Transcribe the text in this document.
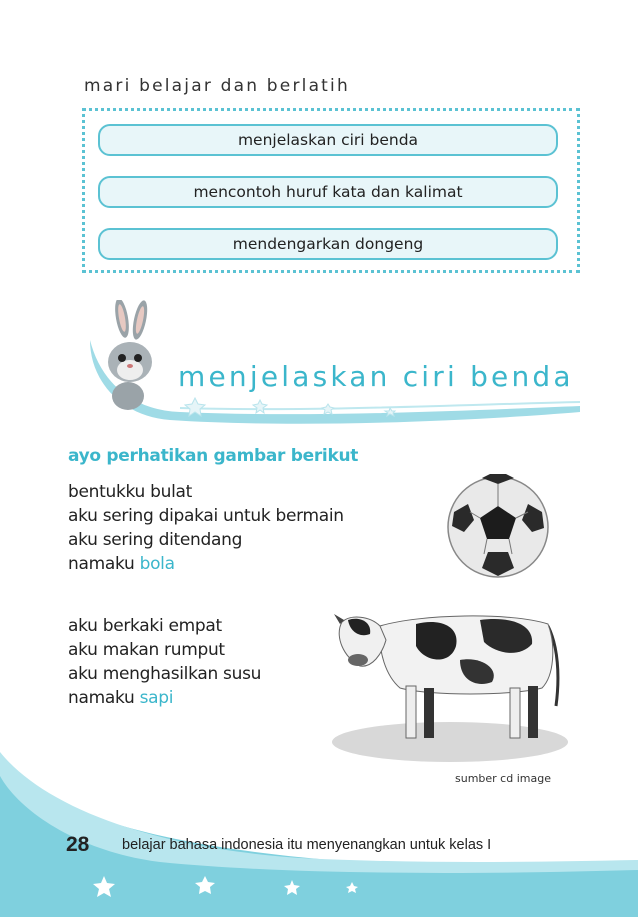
mari belajar dan berlatih
menjelaskan ciri benda
mencontoh huruf kata dan kalimat
mendengarkan dongeng
menjelaskan ciri benda
ayo perhatikan gambar berikut
bentukku bulat
aku sering dipakai untuk bermain
aku sering ditendang
namaku bola
aku berkaki empat
aku makan rumput
aku menghasilkan susu
namaku sapi
sumber cd image
28 belajar bahasa indonesia itu menyenangkan untuk kelas I
